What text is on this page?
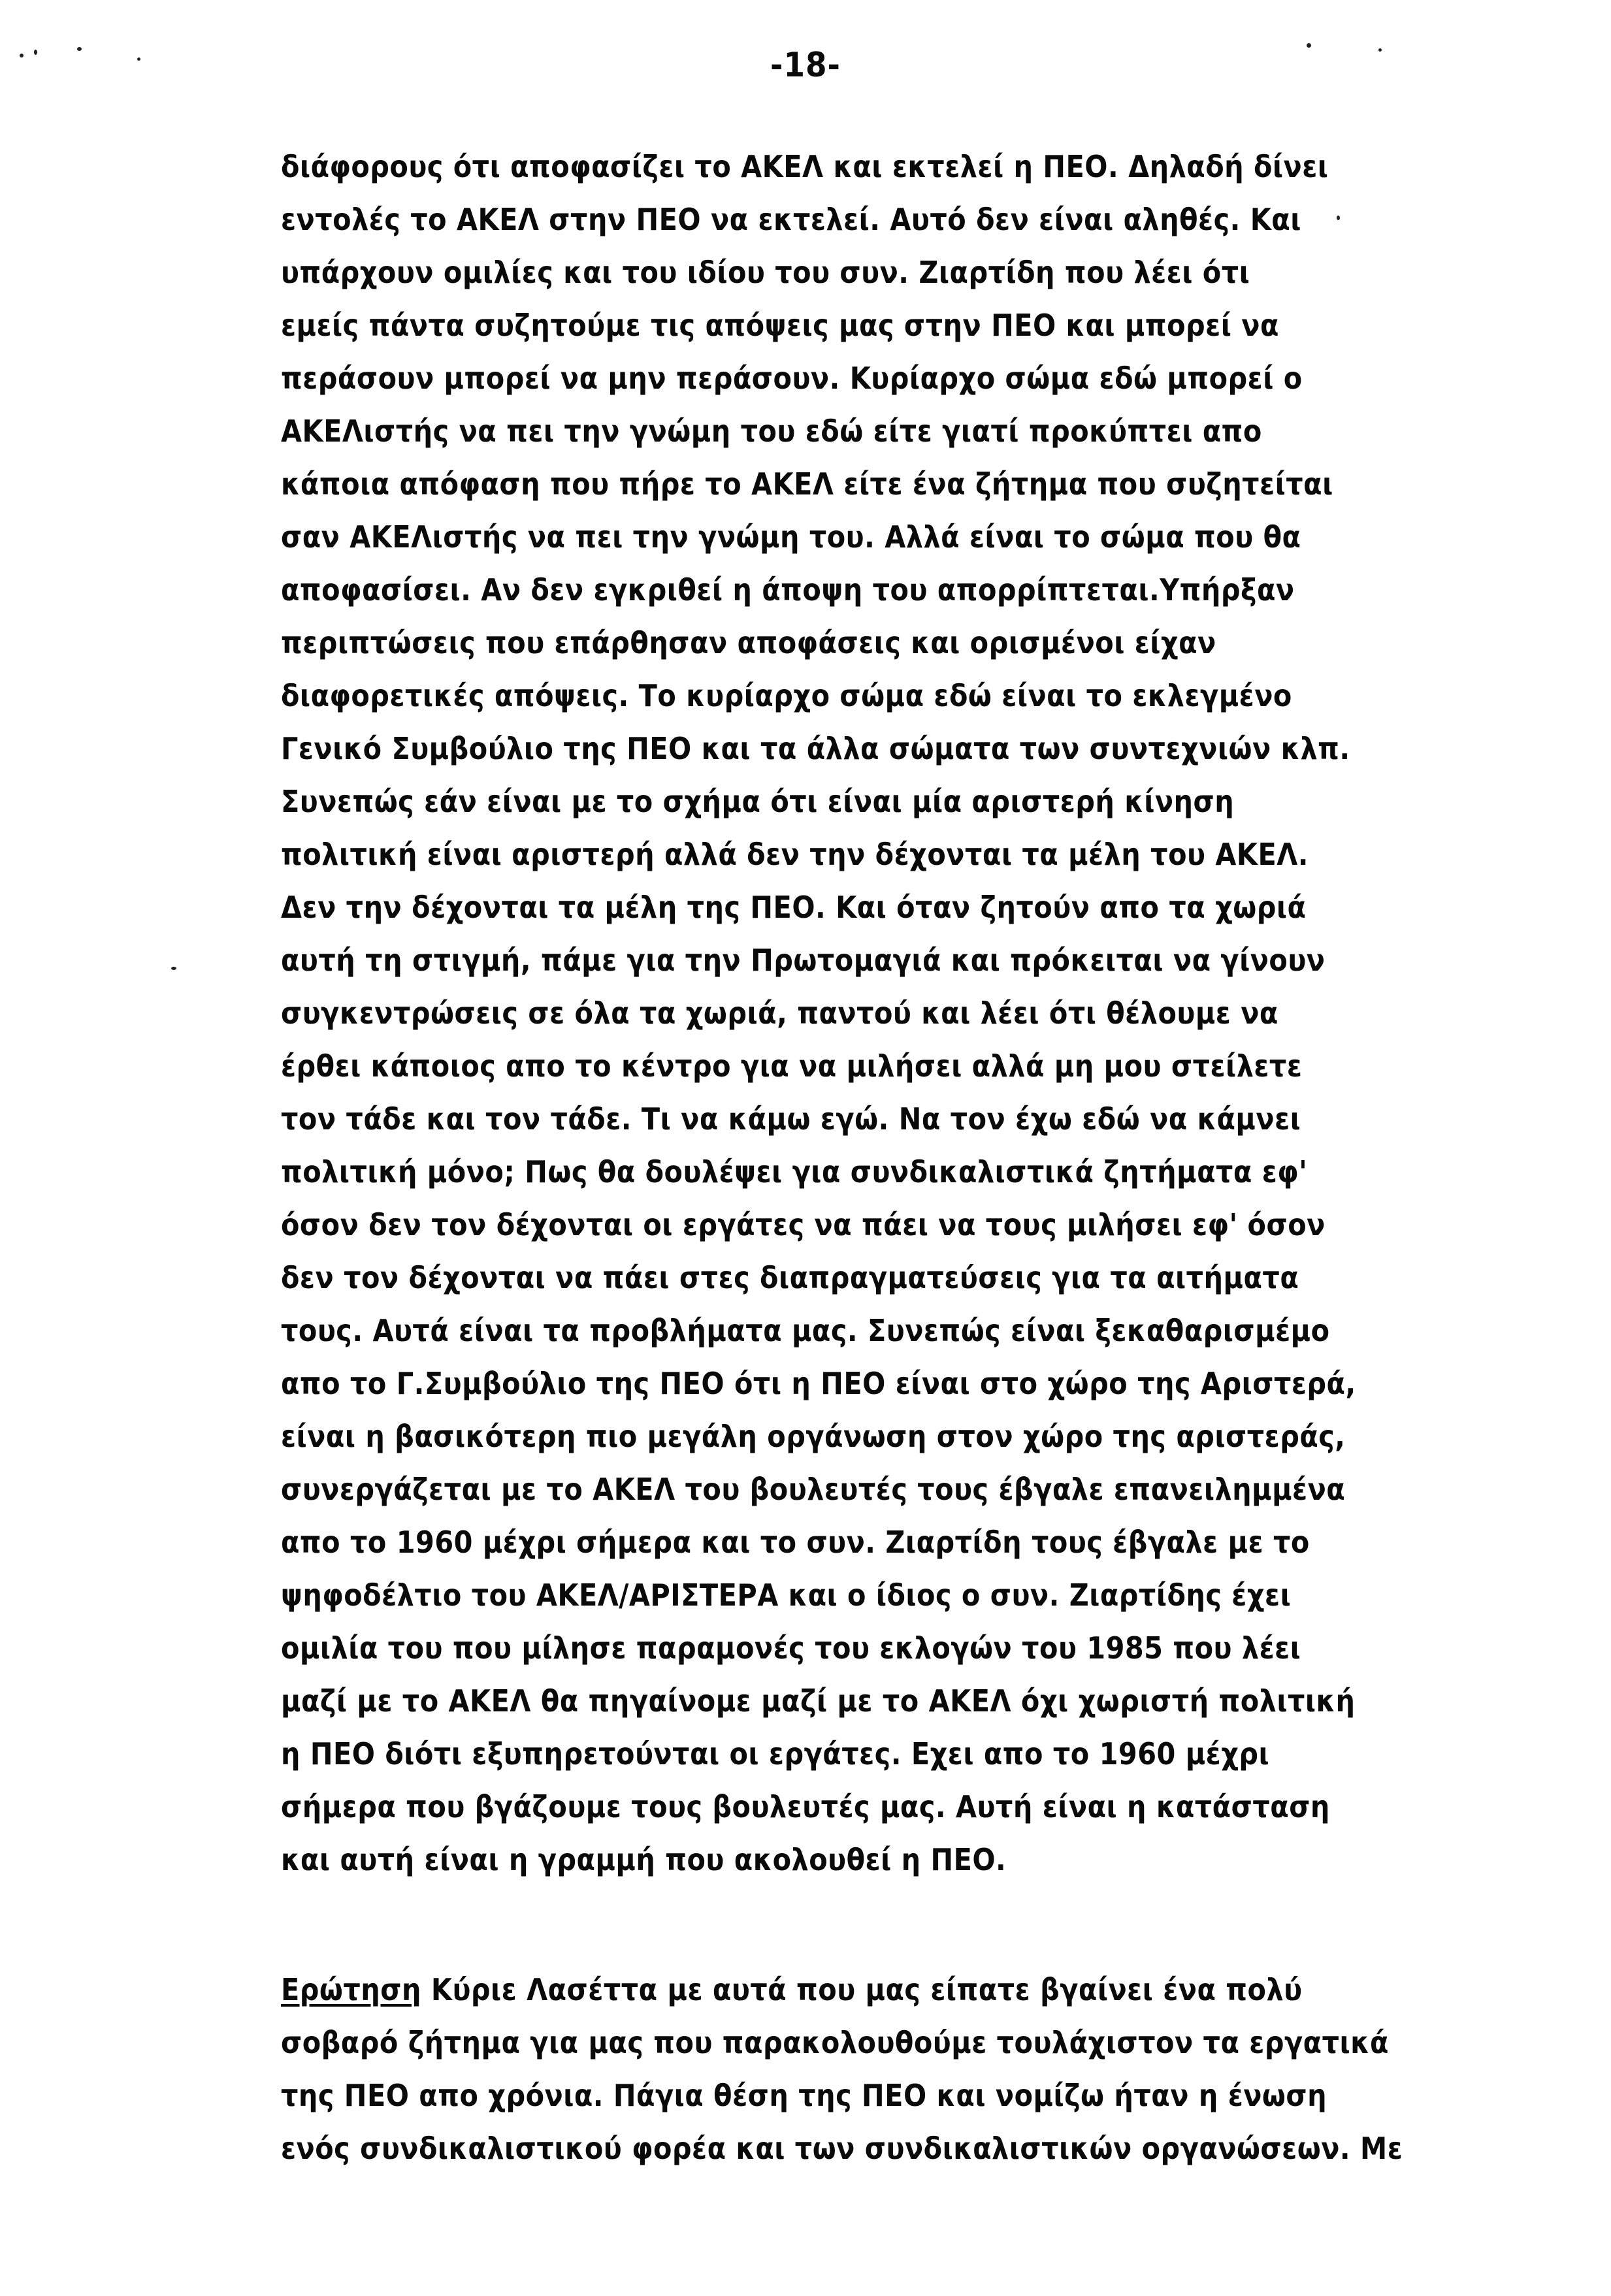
-18-
διάφορους ότι αποφασίζει το ΑΚΕΛ και εκτελεί η ΠΕΟ. Δηλαδή δίνει
εντολές το ΑΚΕΛ στην ΠΕΟ να εκτελεί. Αυτό δεν είναι αληθές. Και
υπάρχουν ομιλίες και του ιδίου του συν. Ζιαρτίδη που λέει ότι
εμείς πάντα συζητούμε τις απόψεις μας στην ΠΕΟ και μπορεί να
περάσουν μπορεί να μην περάσουν. Κυρίαρχο σώμα εδώ μπορεί ο
ΑΚΕΛιστής να πει την γνώμη του εδώ είτε γιατί προκύπτει απο
κάποια απόφαση που πήρε το ΑΚΕΛ είτε ένα ζήτημα που συζητείται
σαν ΑΚΕΛιστής να πει την γνώμη του. Αλλά είναι το σώμα που θα
αποφασίσει. Αν δεν εγκριθεί η άποψη του απορρίπτεται.Υπήρξαν
περιπτώσεις που επάρθησαν αποφάσεις και ορισμένοι είχαν
διαφορετικές απόψεις. Το κυρίαρχο σώμα εδώ είναι το εκλεγμένο
Γενικό Συμβούλιο της ΠΕΟ και τα άλλα σώματα των συντεχνιών κλπ.
Συνεπώς εάν είναι με το σχήμα ότι είναι μία αριστερή κίνηση
πολιτική είναι αριστερή αλλά δεν την δέχονται τα μέλη του ΑΚΕΛ.
Δεν την δέχονται τα μέλη της ΠΕΟ. Και όταν ζητούν απο τα χωριά
αυτή τη στιγμή, πάμε για την Πρωτομαγιά και πρόκειται να γίνουν
συγκεντρώσεις σε όλα τα χωριά, παντού και λέει ότι θέλουμε να
έρθει κάποιος απο το κέντρο για να μιλήσει αλλά μη μου στείλετε
τον τάδε και τον τάδε. Τι να κάμω εγώ. Να τον έχω εδώ να κάμνει
πολιτική μόνο; Πως θα δουλέψει για συνδικαλιστικά ζητήματα εφ'
όσον δεν τον δέχονται οι εργάτες να πάει να τους μιλήσει εφ' όσον
δεν τον δέχονται να πάει στες διαπραγματεύσεις για τα αιτήματα
τους. Αυτά είναι τα προβλήματα μας. Συνεπώς είναι ξεκαθαρισμέμο
απο το Γ.Συμβούλιο της ΠΕΟ ότι η ΠΕΟ είναι στο χώρο της Αριστερά,
είναι η βασικότερη πιο μεγάλη οργάνωση στον χώρο της αριστεράς,
συνεργάζεται με το ΑΚΕΛ του βουλευτές τους έβγαλε επανειλημμένα
απο το 1960 μέχρι σήμερα και το συν. Ζιαρτίδη τους έβγαλε με το
ψηφοδέλτιο του ΑΚΕΛ/ΑΡΙΣΤΕΡΑ και ο ίδιος ο συν. Ζιαρτίδης έχει
ομιλία του που μίλησε παραμονές του εκλογών του 1985 που λέει
μαζί με το ΑΚΕΛ θα πηγαίνομε μαζί με το ΑΚΕΛ όχι χωριστή πολιτική
η ΠΕΟ διότι εξυπηρετούνται οι εργάτες. Εχει απο το 1960 μέχρι
σήμερα που βγάζουμε τους βουλευτές μας. Αυτή είναι η κατάσταση
και αυτή είναι η γραμμή που ακολουθεί η ΠΕΟ.
Ερώτηση Κύριε Λασέττα με αυτά που μας είπατε βγαίνει ένα πολύ
σοβαρό ζήτημα για μας που παρακολουθούμε τουλάχιστον τα εργατικά
της ΠΕΟ απο χρόνια. Πάγια θέση της ΠΕΟ και νομίζω ήταν η ένωση
ενός συνδικαλιστικού φορέα και των συνδικαλιστικών οργανώσεων. Με
